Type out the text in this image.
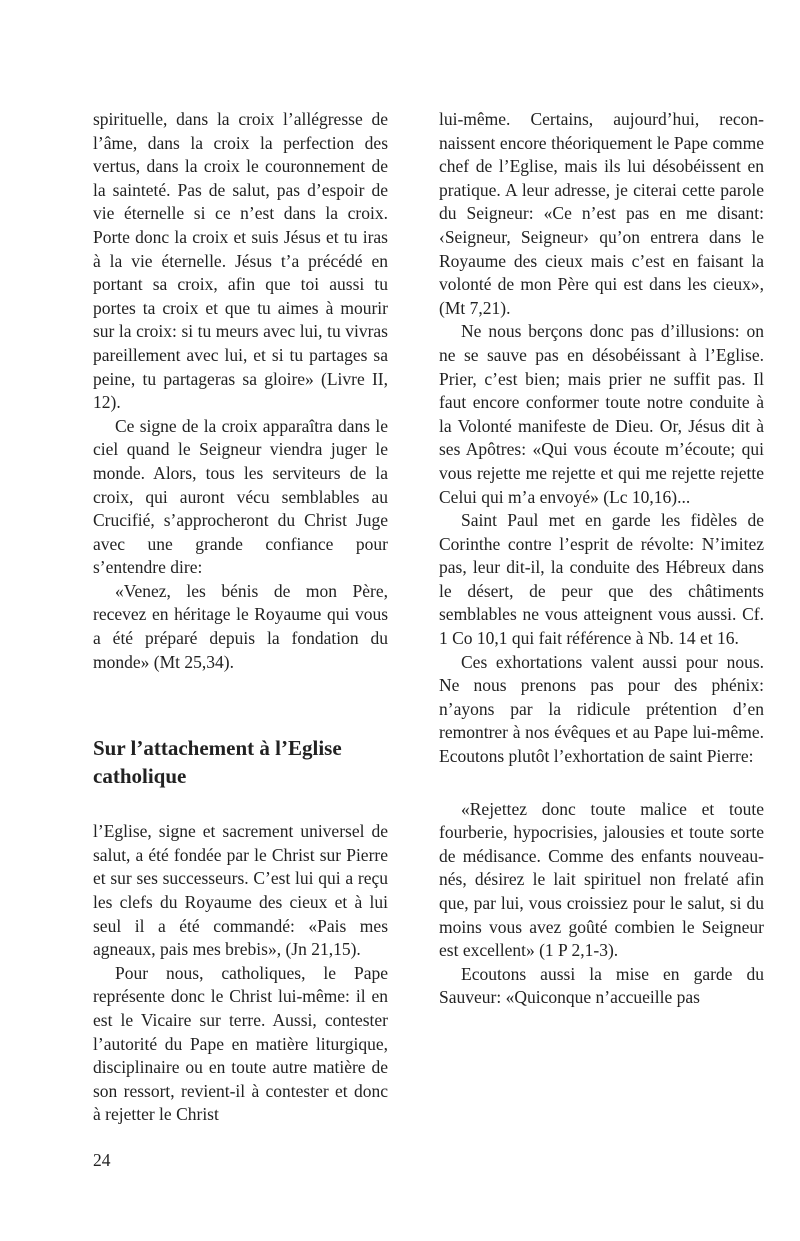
spirituelle, dans la croix l’allégresse de l’âme, dans la croix la perfection des vertus, dans la croix le couronnement de la sainteté. Pas de salut, pas d’espoir de vie éternelle si ce n’est dans la croix. Porte donc la croix et suis Jésus et tu iras à la vie éternelle. Jésus t’a précédé en portant sa croix, afin que toi aussi tu portes ta croix et que tu aimes à mourir sur la croix: si tu meurs avec lui, tu vivras pareillement avec lui, et si tu partages sa peine, tu partageras sa gloire» (Livre II, 12).

Ce signe de la croix apparaîtra dans le ciel quand le Seigneur viendra juger le monde. Alors, tous les serviteurs de la croix, qui auront vécu semblables au Crucifié, s’approcheront du Christ Juge avec une grande confiance pour s’entendre dire:

«Venez, les bénis de mon Père, recevez en héritage le Royaume qui vous a été préparé depuis la fondation du monde» (Mt 25,34).

Sur l’attachement à l’Eglise catholique

l’Eglise, signe et sacrement universel de salut, a été fondée par le Christ sur Pierre et sur ses successeurs. C’est lui qui a reçu les clefs du Royaume des cieux et à lui seul il a été commandé: «Pais mes agneaux, pais mes brebis», (Jn 21,15).

Pour nous, catholiques, le Pape représente donc le Christ lui-même: il en est le Vicaire sur terre. Aussi, contester l’autorité du Pape en matière liturgique, disciplinaire ou en toute autre matière de son ressort, revient-il à contester et donc à rejetter le Christ

lui-même. Certains, aujourd’hui, reconnaissent encore théoriquement le Pape comme chef de l’Eglise, mais ils lui désobéissent en pratique. A leur adresse, je citerai cette parole du Seigneur: «Ce n’est pas en me disant: ‹Seigneur, Seigneur› qu’on entrera dans le Royaume des cieux mais c’est en faisant la volonté de mon Père qui est dans les cieux», (Mt 7,21).

Ne nous berçons donc pas d’illusions: on ne se sauve pas en désobéissant à l’Eglise. Prier, c’est bien; mais prier ne suffit pas. Il faut encore conformer toute notre conduite à la Volonté manifeste de Dieu. Or, Jésus dit à ses Apôtres: «Qui vous écoute m’écoute; qui vous rejette me rejette et qui me rejette rejette Celui qui m’a envoyé» (Lc 10,16)...

Saint Paul met en garde les fidèles de Corinthe contre l’esprit de révolte: N’imitez pas, leur dit-il, la conduite des Hébreux dans le désert, de peur que des châtiments semblables ne vous atteignent vous aussi. Cf. 1 Co 10,1 qui fait référence à Nb. 14 et 16.

Ces exhortations valent aussi pour nous. Ne nous prenons pas pour des phénix: n’ayons par la ridicule prétention d’en remontrer à nos évêques et au Pape lui-même. Ecoutons plutôt l’exhortation de saint Pierre:

«Rejettez donc toute malice et toute fourberie, hypocrisies, jalousies et toute sorte de médisance. Comme des enfants nouveau-nés, désirez le lait spirituel non frelaté afin que, par lui, vous croissiez pour le salut, si du moins vous avez goûté combien le Seigneur est excellent» (1 P 2,1-3).

Ecoutons aussi la mise en garde du Sauveur: «Quiconque n’accueille pas

24
